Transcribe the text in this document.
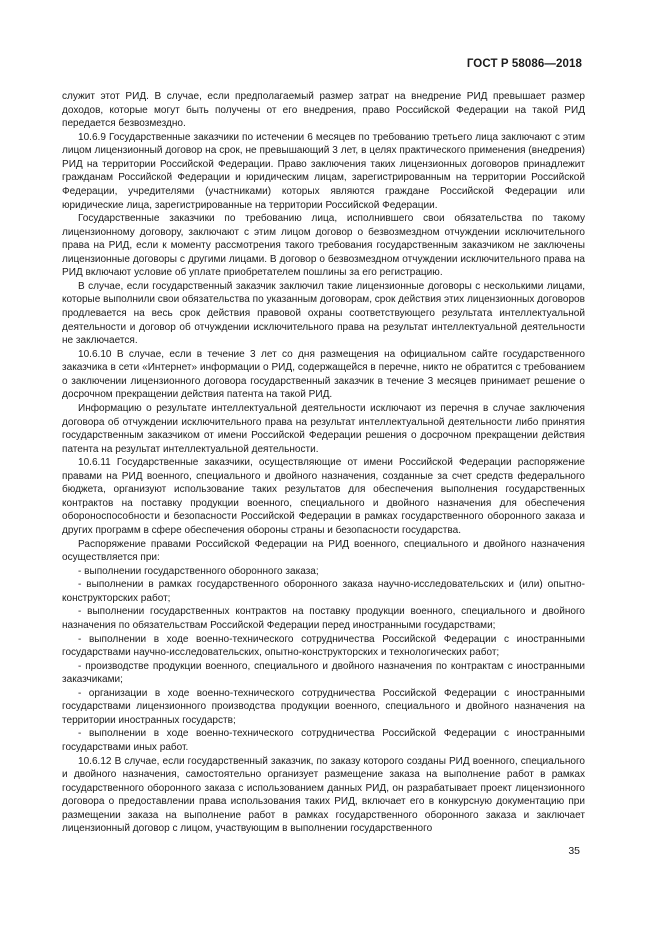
ГОСТ Р 58086—2018

служит этот РИД. В случае, если предполагаемый размер затрат на внедрение РИД превышает размер доходов, которые могут быть получены от его внедрения, право Российской Федерации на такой РИД передается безвозмездно.

10.6.9 Государственные заказчики по истечении 6 месяцев по требованию третьего лица заключают с этим лицом лицензионный договор на срок, не превышающий 3 лет, в целях практического применения (внедрения) РИД на территории Российской Федерации. Право заключения таких лицензионных договоров принадлежит гражданам Российской Федерации и юридическим лицам, зарегистрированным на территории Российской Федерации, учредителями (участниками) которых являются граждане Российской Федерации или юридические лица, зарегистрированные на территории Российской Федерации.

Государственные заказчики по требованию лица, исполнившего свои обязательства по такому лицензионному договору, заключают с этим лицом договор о безвозмездном отчуждении исключительного права на РИД, если к моменту рассмотрения такого требования государственным заказчиком не заключены лицензионные договоры с другими лицами. В договор о безвозмездном отчуждении исключительного права на РИД включают условие об уплате приобретателем пошлины за его регистрацию.

В случае, если государственный заказчик заключил такие лицензионные договоры с несколькими лицами, которые выполнили свои обязательства по указанным договорам, срок действия этих лицензионных договоров продлевается на весь срок действия правовой охраны соответствующего результата интеллектуальной деятельности и договор об отчуждении исключительного права на результат интеллектуальной деятельности не заключается.

10.6.10 В случае, если в течение 3 лет со дня размещения на официальном сайте государственного заказчика в сети «Интернет» информации о РИД, содержащейся в перечне, никто не обратится с требованием о заключении лицензионного договора государственный заказчик в течение 3 месяцев принимает решение о досрочном прекращении действия патента на такой РИД.

Информацию о результате интеллектуальной деятельности исключают из перечня в случае заключения договора об отчуждении исключительного права на результат интеллектуальной деятельности либо принятия государственным заказчиком от имени Российской Федерации решения о досрочном прекращении действия патента на результат интеллектуальной деятельности.

10.6.11 Государственные заказчики, осуществляющие от имени Российской Федерации распоряжение правами на РИД военного, специального и двойного назначения, созданные за счет средств федерального бюджета, организуют использование таких результатов для обеспечения выполнения государственных контрактов на поставку продукции военного, специального и двойного назначения для обеспечения обороноспособности и безопасности Российской Федерации в рамках государственного оборонного заказа и других программ в сфере обеспечения обороны страны и безопасности государства.

Распоряжение правами Российской Федерации на РИД военного, специального и двойного назначения осуществляется при:

- выполнении государственного оборонного заказа;

- выполнении в рамках государственного оборонного заказа научно-исследовательских и (или) опытно-конструкторских работ;

- выполнении государственных контрактов на поставку продукции военного, специального и двойного назначения по обязательствам Российской Федерации перед иностранными государствами;

- выполнении в ходе военно-технического сотрудничества Российской Федерации с иностранными государствами научно-исследовательских, опытно-конструкторских и технологических работ;

- производстве продукции военного, специального и двойного назначения по контрактам с иностранными заказчиками;

- организации в ходе военно-технического сотрудничества Российской Федерации с иностранными государствами лицензионного производства продукции военного, специального и двойного назначения на территории иностранных государств;

- выполнении в ходе военно-технического сотрудничества Российской Федерации с иностранными государствами иных работ.

10.6.12 В случае, если государственный заказчик, по заказу которого созданы РИД военного, специального и двойного назначения, самостоятельно организует размещение заказа на выполнение работ в рамках государственного оборонного заказа с использованием данных РИД, он разрабатывает проект лицензионного договора о предоставлении права использования таких РИД, включает его в конкурсную документацию при размещении заказа на выполнение работ в рамках государственного оборонного заказа и заключает лицензионный договор с лицом, участвующим в выполнении государственного

35
